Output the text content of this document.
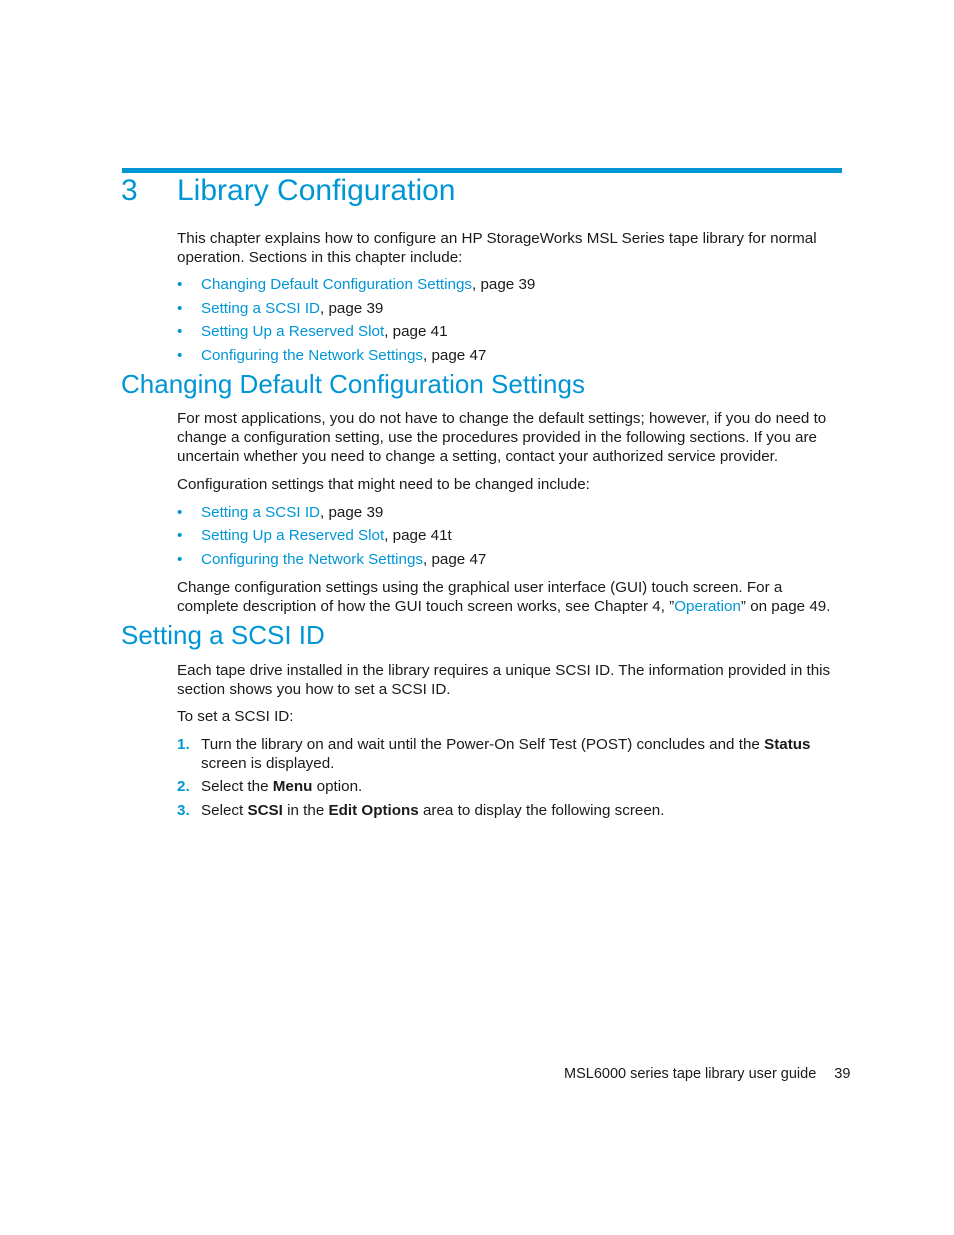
3 Library Configuration

This chapter explains how to configure an HP StorageWorks MSL Series tape library for normal operation. Sections in this chapter include:

• Changing Default Configuration Settings, page 39
• Setting a SCSI ID, page 39
• Setting Up a Reserved Slot, page 41
• Configuring the Network Settings, page 47
Changing Default Configuration Settings

For most applications, you do not have to change the default settings; however, if you do need to change a configuration setting, use the procedures provided in the following sections. If you are uncertain whether you need to change a setting, contact your authorized service provider.

Configuration settings that might need to be changed include:

• Setting a SCSI ID, page 39
• Setting Up a Reserved Slot, page 41t
• Configuring the Network Settings, page 47

Change configuration settings using the graphical user interface (GUI) touch screen. For a complete description of how the GUI touch screen works, see Chapter 4, ”Operation” on page 49.

Setting a SCSI ID

Each tape drive installed in the library requires a unique SCSI ID. The information provided in this section shows you how to set a SCSI ID.

To set a SCSI ID:

1. Turn the library on and wait until the Power-On Self Test (POST) concludes and the Status screen is displayed.
2. Select the Menu option.
3. Select SCSI in the Edit Options area to display the following screen.
MSL6000 series tape library user guide 39
